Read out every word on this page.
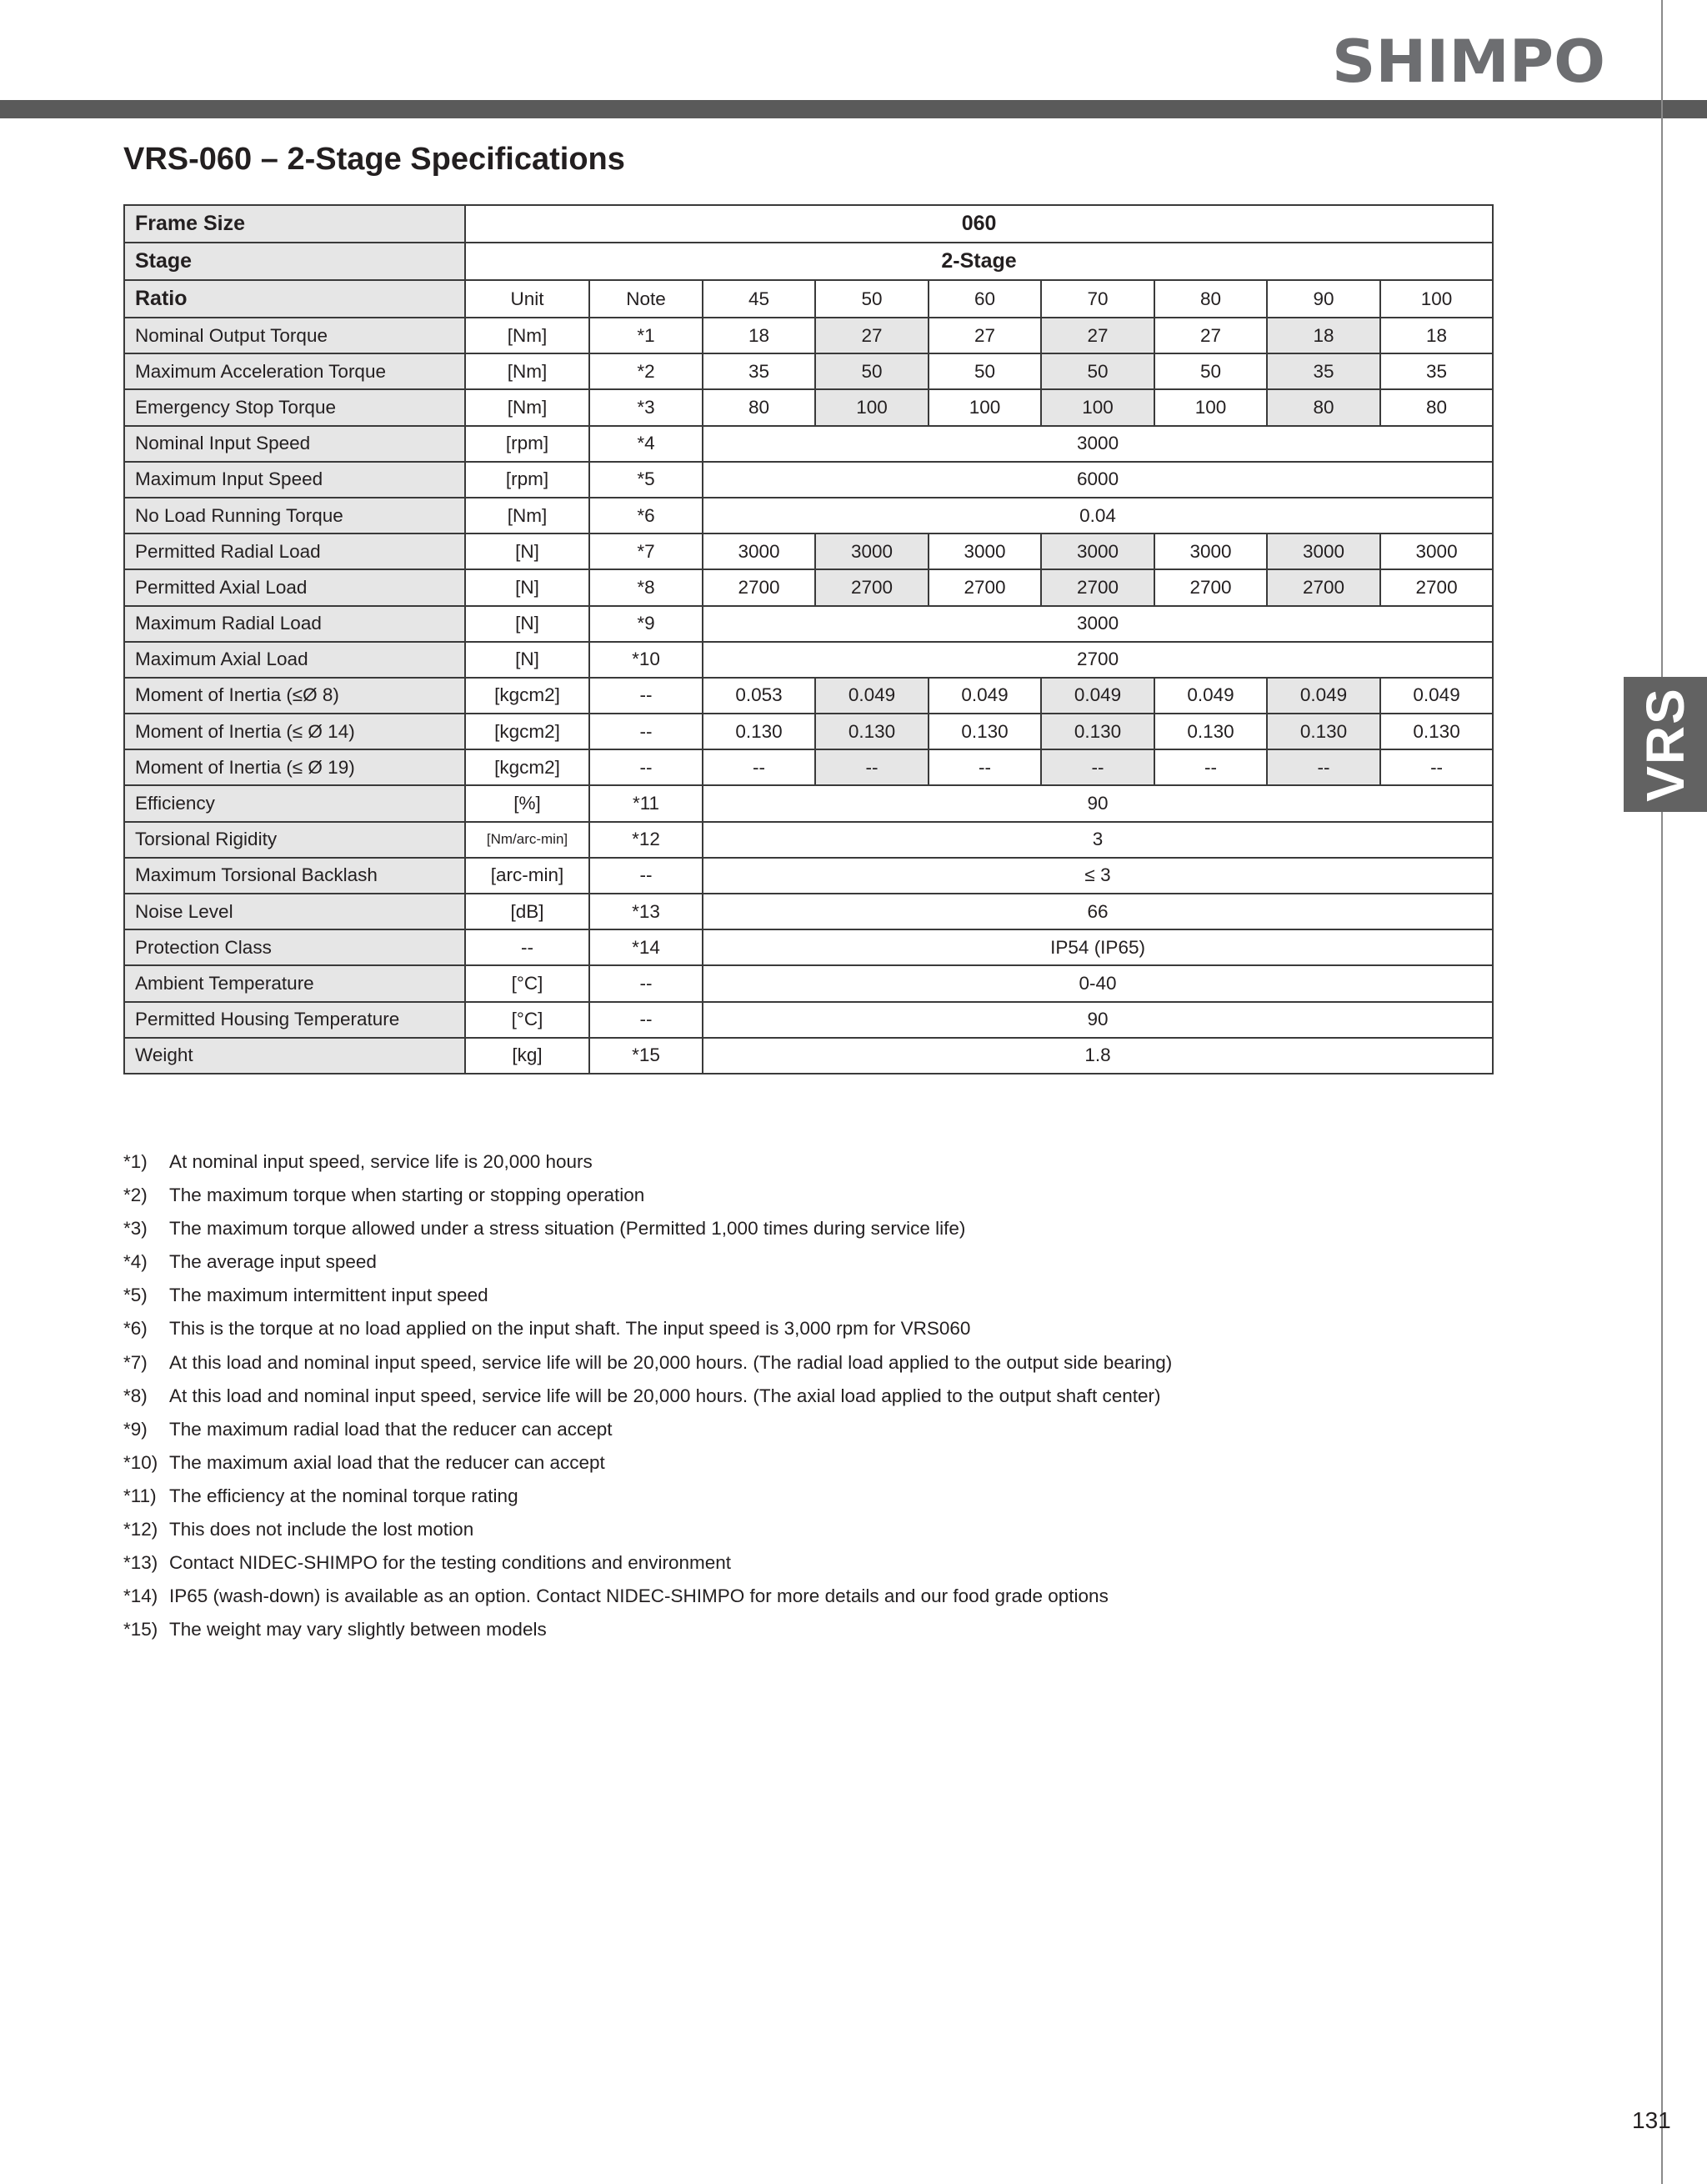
SHIMPO
VRS
VRS-060 – 2-Stage Specifications
Frame Size	060								
Stage	2-Stage								
Ratio	Unit	Note	45	50	60	70	80	90	100
Nominal Output Torque	[Nm]	*1	18	27	27	27	27	18	18
Maximum Acceleration Torque	[Nm]	*2	35	50	50	50	50	35	35
Emergency Stop Torque	[Nm]	*3	80	100	100	100	100	80	80
Nominal Input Speed	[rpm]	*4	3000						
Maximum Input Speed	[rpm]	*5	6000						
No Load Running Torque	[Nm]	*6	0.04						
Permitted Radial Load	[N]	*7	3000	3000	3000	3000	3000	3000	3000
Permitted Axial Load	[N]	*8	2700	2700	2700	2700	2700	2700	2700
Maximum Radial Load	[N]	*9	3000						
Maximum Axial Load	[N]	*10	2700						
Moment of Inertia (≤Ø 8)	[kgcm2]	--	0.053	0.049	0.049	0.049	0.049	0.049	0.049
Moment of Inertia (≤ Ø 14)	[kgcm2]	--	0.130	0.130	0.130	0.130	0.130	0.130	0.130
Moment of Inertia (≤ Ø 19)	[kgcm2]	--	--	--	--	--	--	--	--
Efficiency	[%]	*11	90						
Torsional Rigidity	[Nm/arc-min]	*12	3						
Maximum Torsional Backlash	[arc-min]	--	≤ 3						
Noise Level	[dB]	*13	66						
Protection Class	--	*14	IP54 (IP65)						
Ambient Temperature	[°C]	--	0-40						
Permitted Housing Temperature	[°C]	--	90						
Weight	[kg]	*15	1.8						
*1)	At nominal input speed, service life is 20,000 hours
*2)	The maximum torque when starting or stopping operation
*3)	The maximum torque allowed under a stress situation (Permitted 1,000 times during service life)
*4)	The average input speed
*5)	The maximum intermittent input speed
*6)	This is the torque at no load applied on the input shaft. The input speed is 3,000 rpm for VRS060
*7)	At this load and nominal input speed, service life will be 20,000 hours. (The radial load applied to the output side bearing)
*8)	At this load and nominal input speed, service life will be 20,000 hours. (The axial load applied to the output shaft center)
*9)	The maximum radial load that the reducer can accept
*10) The maximum axial load that the reducer can accept
*11) The efficiency at the nominal torque rating
*12) This does not include the lost motion
*13) Contact NIDEC-SHIMPO for the testing conditions and environment
*14) IP65 (wash-down) is available as an option. Contact NIDEC-SHIMPO for more details and our food grade options
*15) The weight may vary slightly between models
131
